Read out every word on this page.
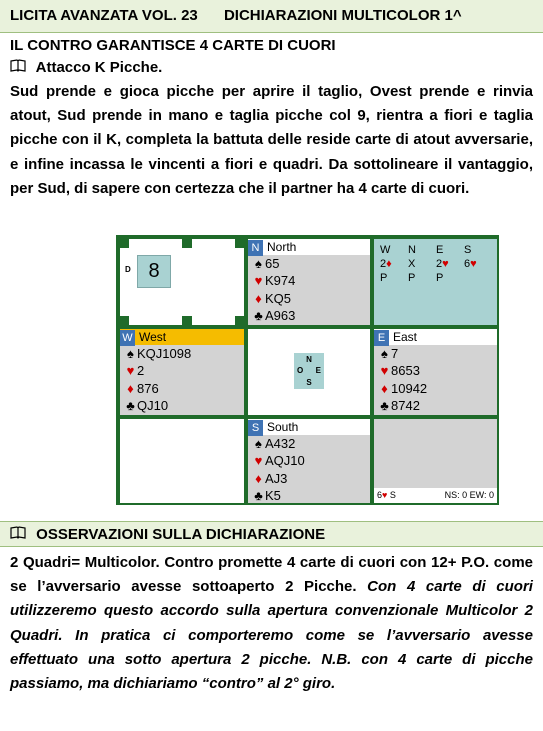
LICITA AVANZATA VOL. 23 DICHIARAZIONI MULTICOLOR 1^
IL CONTRO GARANTISCE 4 CARTE DI CUORI
Attacco K Picche.
Sud prende e gioca picche per aprire il taglio, Ovest prende e rinvia atout, Sud prende in mano e taglia picche col 9, rientra a fiori e taglia picche con il K, completa la battuta delle reside carte di atout avversarie, e infine incassa le vincenti a fiori e quadri. Da sottolineare il vantaggio, per Sud, di sapere con certezza che il partner ha 4 carte di cuori.
D 8
N North
♠ 65
♥ K974
♦ KQ5
♣ A963
W	N	E	S
2♦	X	2♥	6♥
P	P	P
W West
♠ KQJ1098
♥ 2
♦ 876
♣ QJ10
N
O E
S
E East
♠ 7
♥ 8653
♦ 10942
♣ 8742
S South
♠ A432
♥ AQJ10
♦ AJ3
♣ K5	6♥ S	NS: 0 EW: 0
OSSERVAZIONI SULLA DICHIARAZIONE
2 Quadri= Multicolor. Contro promette 4 carte di cuori con 12+ P.O. come se l’avversario avesse sottoaperto 2 Picche. Con 4 carte di cuori utilizzeremo questo accordo sulla apertura convenzionale Multicolor 2 Quadri. In pratica ci comporteremo come se l’avversario avesse effettuato una sotto apertura 2 picche. N.B. con 4 carte di picche passiamo, ma dichiariamo “contro” al 2° giro.
